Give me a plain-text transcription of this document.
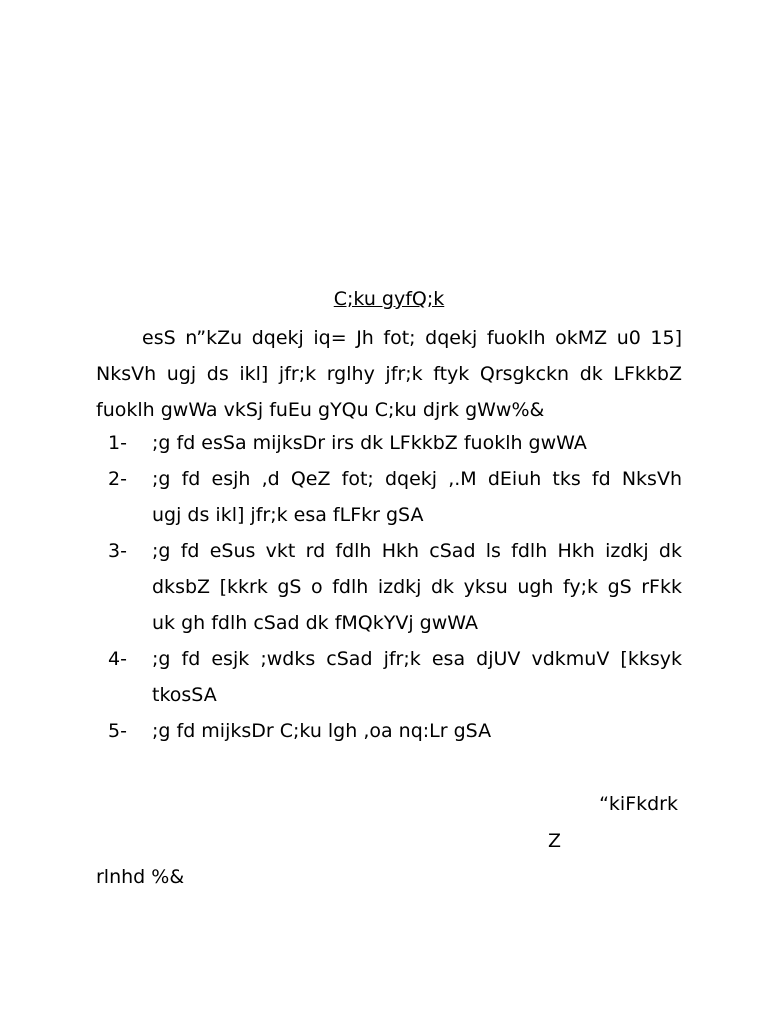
C;ku gyfQ;k
esS n”kZu dqekj iq= Jh fot; dqekj fuoklh okMZ u0 15]
NksVh ugj ds ikl] jfr;k rglhy jfr;k ftyk Qrsgkckn dk LFkkbZ
fuoklh gwWa vkSj fuEu gYQu C;ku djrk gWw%&
1-	;g fd esSa mijksDr irs dk LFkkbZ fuoklh gwWA
2-	;g fd esjh ,d QeZ fot; dqekj ,.M dEiuh tks fd NksVh
ugj ds ikl] jfr;k esa fLFkr gSA
3-	;g fd eSus vkt rd fdlh Hkh cSad ls fdlh Hkh izdkj dk
dksbZ [kkrk gS o fdlh izdkj dk yksu ugh fy;k gS rFkk
uk gh fdlh cSad dk fMQkYVj gwWA
4-	;g fd esjk ;wdks cSad jfr;k esa djUV vdkmuV [kksyk
tkosSA
5-	;g fd mijksDr C;ku lgh ,oa nq:Lr gSA
“kiFkdrk
Z
rlnhd %&
